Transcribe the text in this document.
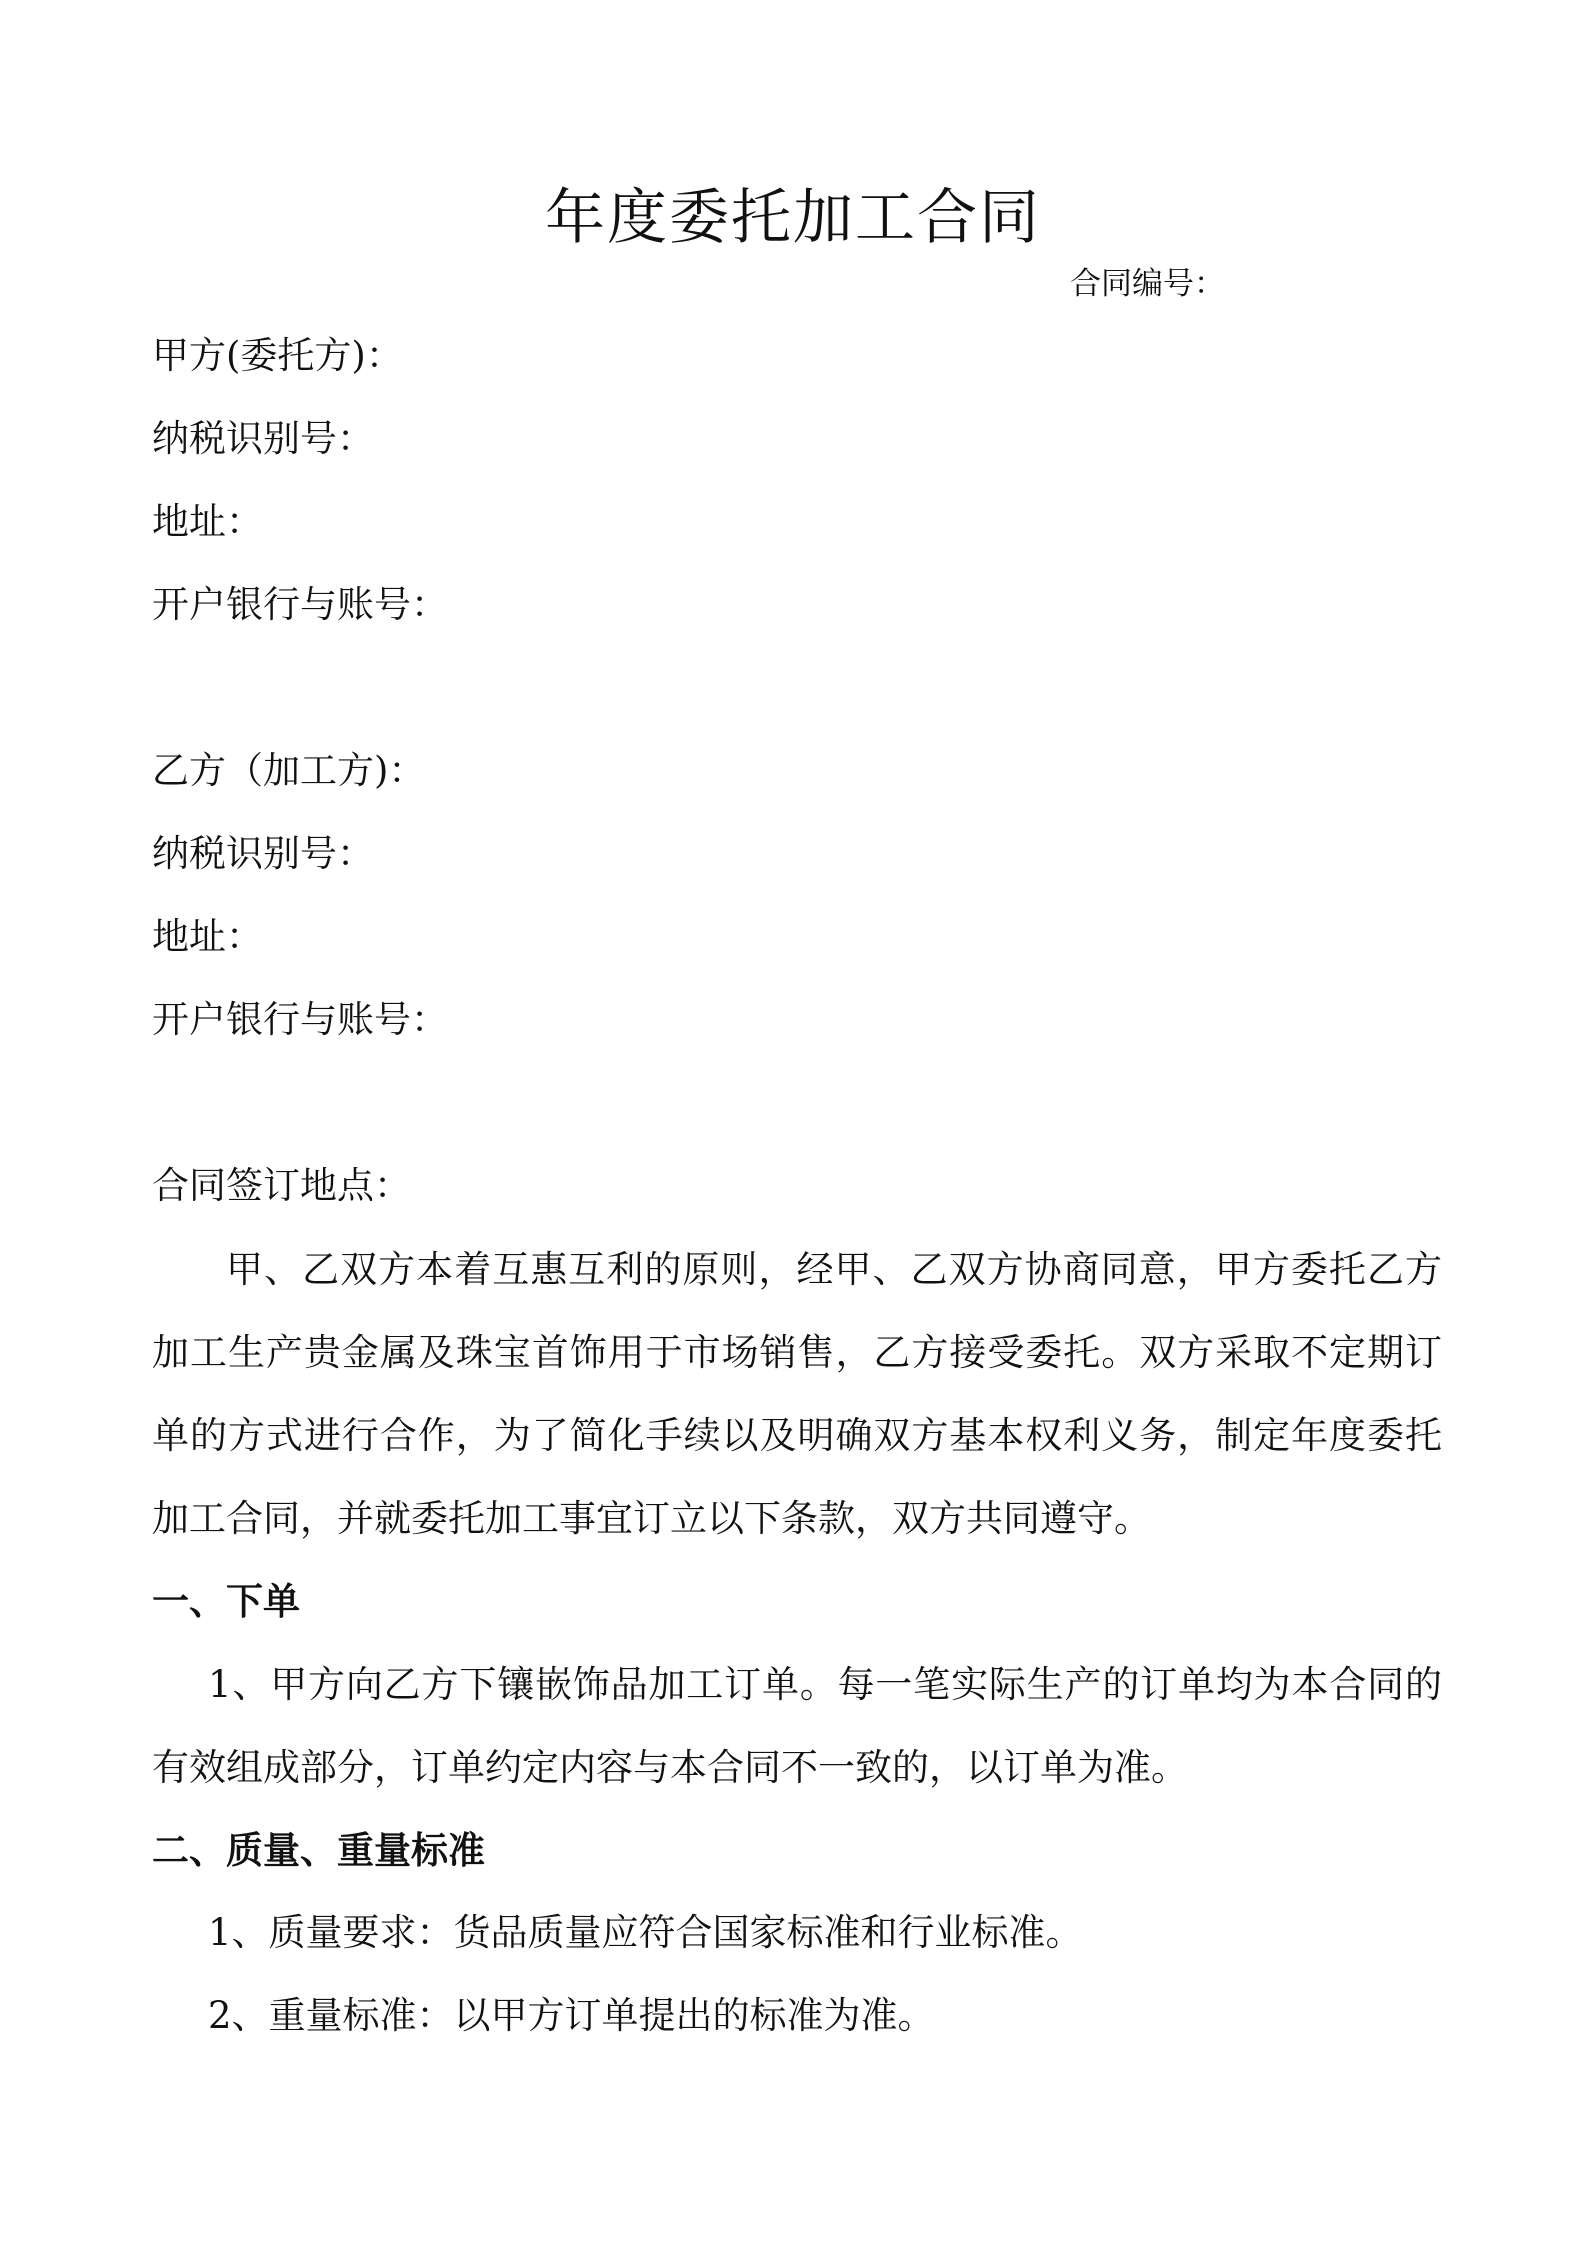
年度委托加工合同
合同编号：
甲方(委托方)：
纳税识别号：
地址：
开户银行与账号：
乙方（加工方)：
纳税识别号：
地址：
开户银行与账号：
合同签订地点：

甲、乙双方本着互惠互利的原则，经甲、乙双方协商同意，甲方委托乙方加工生产贵金属及珠宝首饰用于市场销售，乙方接受委托。双方采取不定期订单的方式进行合作，为了简化手续以及明确双方基本权利义务，制定年度委托加工合同，并就委托加工事宜订立以下条款，双方共同遵守。

一、下单

1、甲方向乙方下镶嵌饰品加工订单。每一笔实际生产的订单均为本合同的有效组成部分，订单约定内容与本合同不一致的，以订单为准。

二、质量、重量标准
1、质量要求：货品质量应符合国家标准和行业标准。
2、重量标准：以甲方订单提出的标准为准。
